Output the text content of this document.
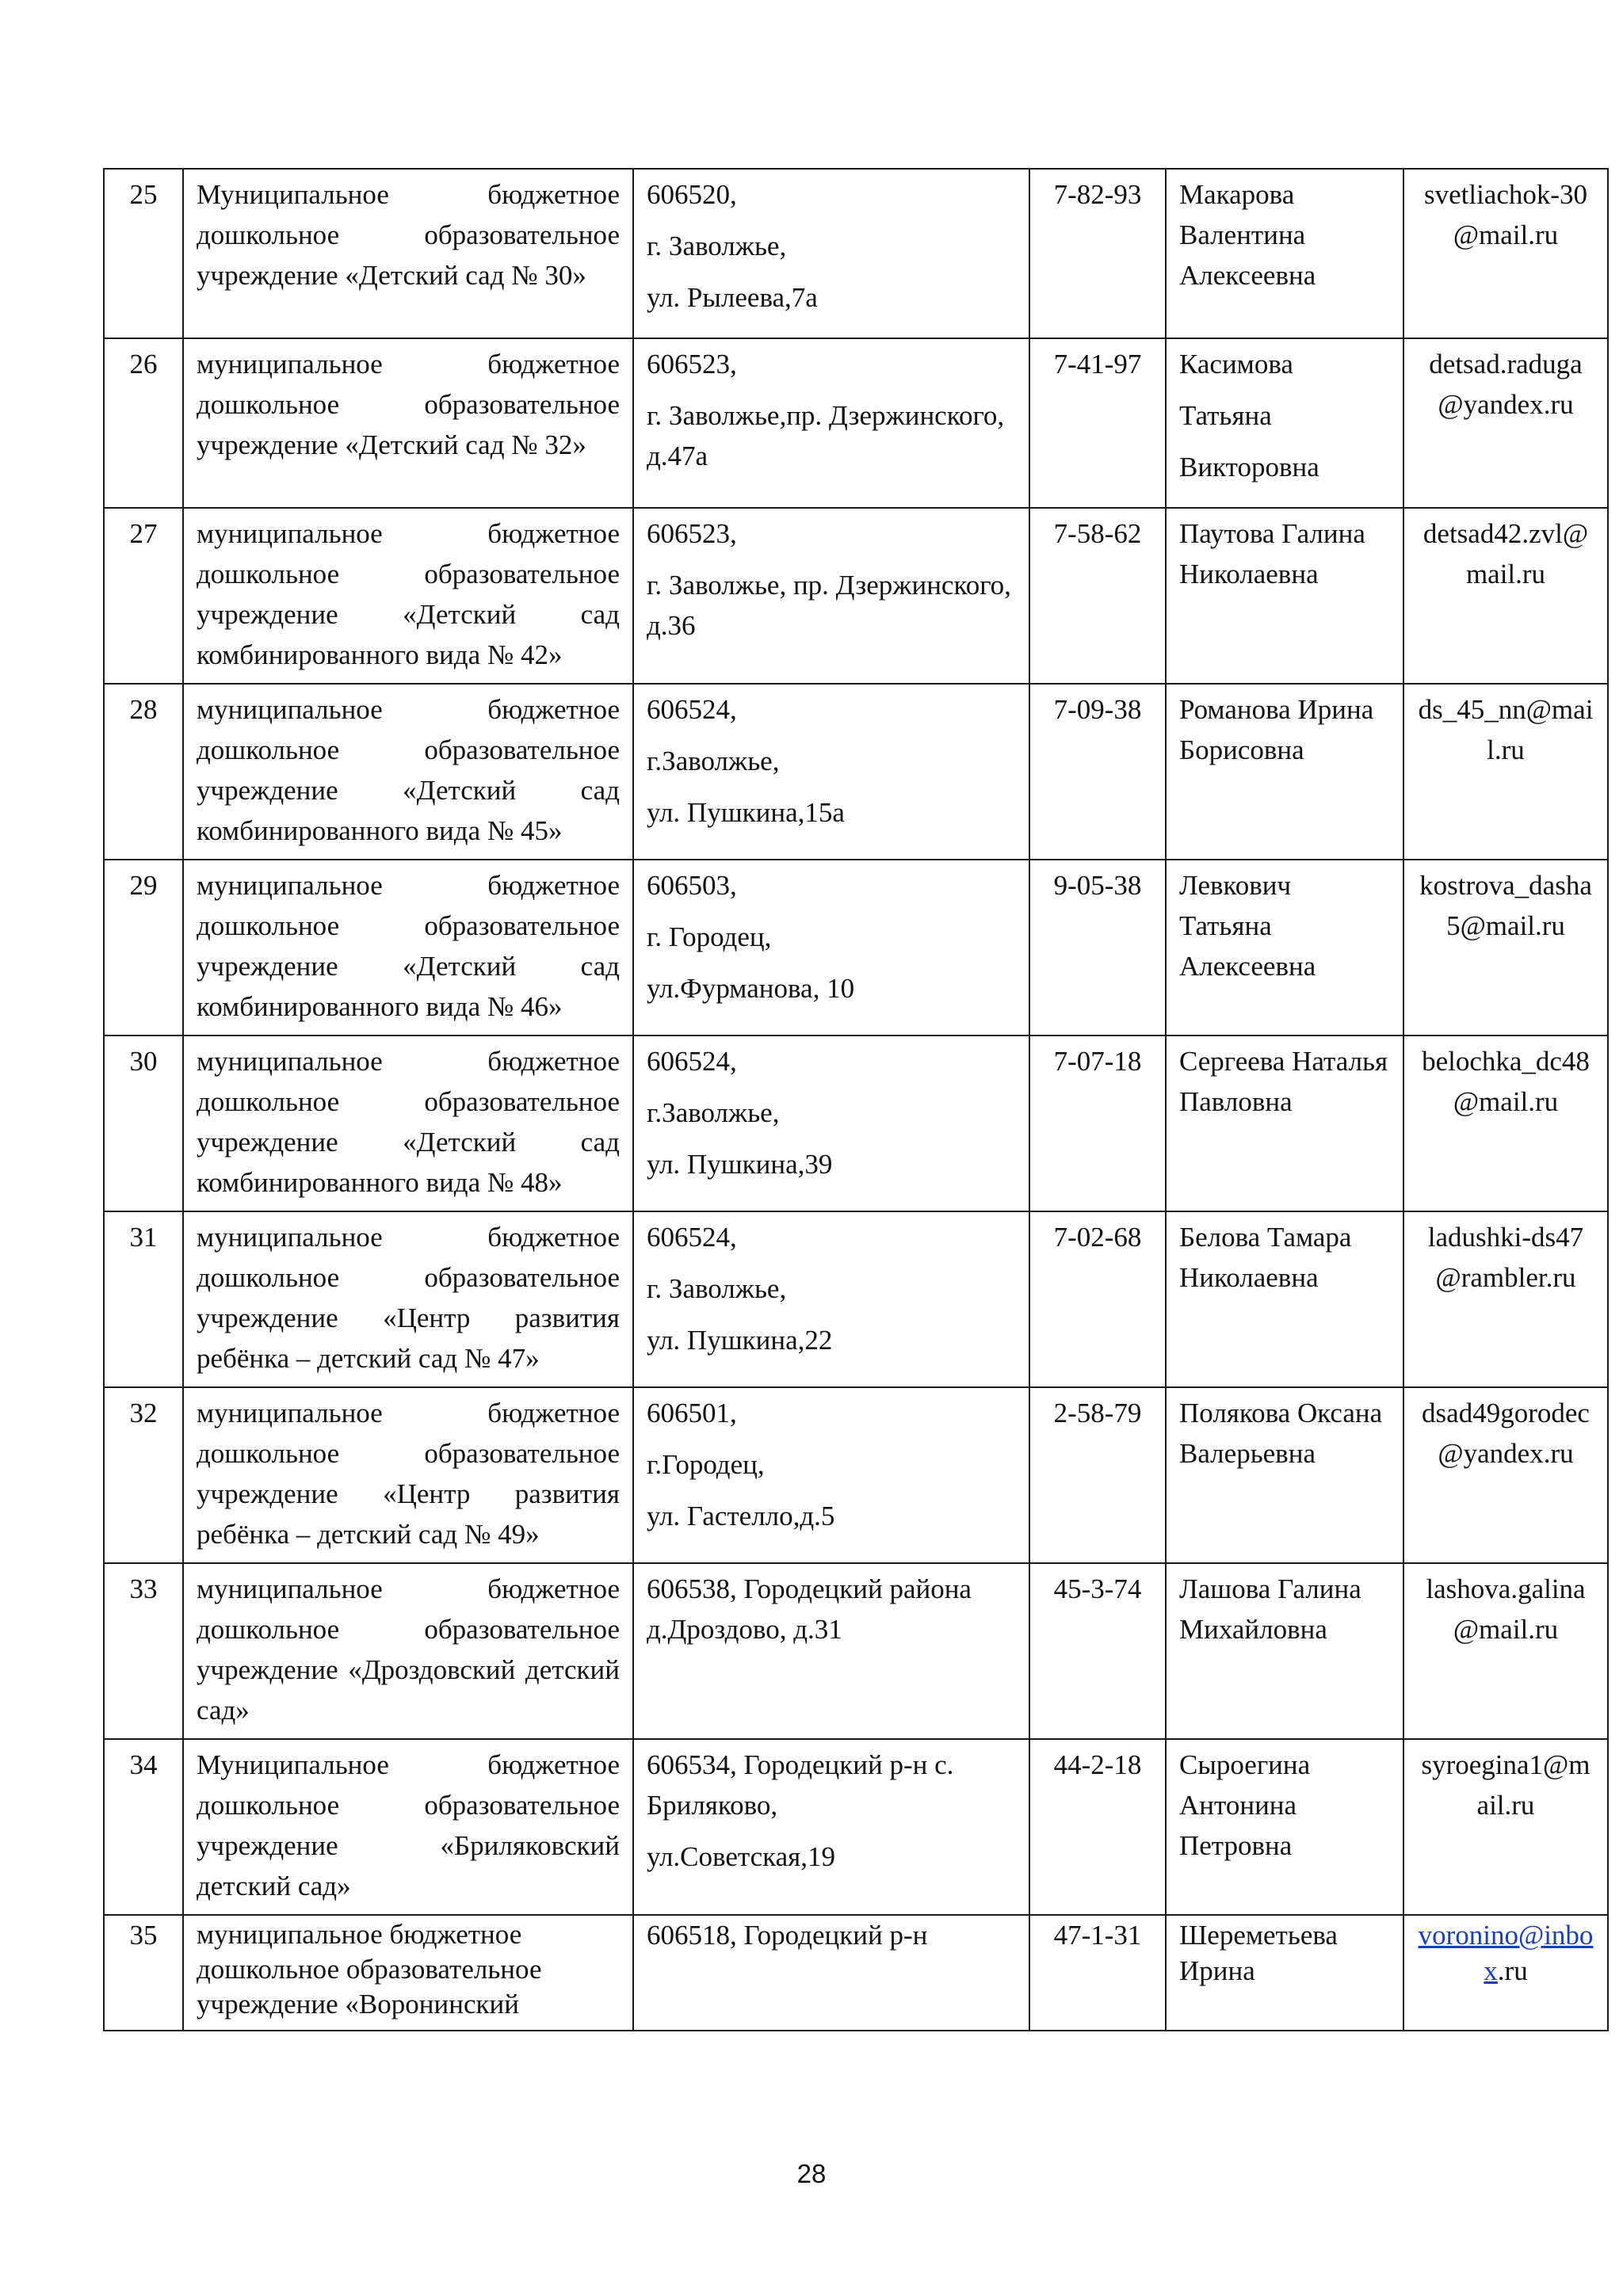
25	Муниципальное бюджетное дошкольное образовательное учреждение «Детский сад № 30»	606520,
г. Заволжье,
ул. Рылеева,7а	7-82-93	Макарова Валентина Алексеевна	svetliachok-30@mail.ru
26	муниципальное бюджетное дошкольное образовательное учреждение «Детский сад № 32»	606523,
г. Заволжье,пр. Дзержинского, д.47а	7-41-97	Касимова
Татьяна
Викторовна	detsad.raduga@yandex.ru
27	муниципальное бюджетное дошкольное образовательное учреждение «Детский сад комбинированного вида № 42»	606523,
г. Заволжье, пр. Дзержинского, д.36	7-58-62	Паутова Галина Николаевна	detsad42.zvl@mail.ru
28	муниципальное бюджетное дошкольное образовательное учреждение «Детский сад комбинированного вида № 45»	606524,
г.Заволжье,
ул. Пушкина,15а	7-09-38	Романова Ирина Борисовна	ds_45_nn@mail.ru
29	муниципальное бюджетное дошкольное образовательное учреждение «Детский сад комбинированного вида № 46»	606503,
г. Городец,
ул.Фурманова, 10	9-05-38	Левкович Татьяна Алексеевна	kostrova_dasha5@mail.ru
30	муниципальное бюджетное дошкольное образовательное учреждение «Детский сад комбинированного вида № 48»	606524,
г.Заволжье,
ул. Пушкина,39	7-07-18	Сергеева Наталья Павловна	belochka_dc48@mail.ru
31	муниципальное бюджетное дошкольное образовательное учреждение «Центр развития ребёнка – детский сад № 47»	606524,
г. Заволжье,
ул. Пушкина,22	7-02-68	Белова Тамара Николаевна	ladushki-ds47@rambler.ru
32	муниципальное бюджетное дошкольное образовательное учреждение «Центр развития ребёнка – детский сад № 49»	606501,
г.Городец,
ул. Гастелло,д.5	2-58-79	Полякова Оксана Валерьевна	dsad49gorodec@yandex.ru
33	муниципальное бюджетное дошкольное образовательное учреждение «Дроздовский детский сад»	606538, Городецкий района д.Дроздово, д.31	45-3-74	Лашова Галина Михайловна	lashova.galina@mail.ru
34	Муниципальное бюджетное дошкольное образовательное учреждение «Бриляковский детский сад»	606534, Городецкий р-н с. Бриляково,
ул.Советская,19	44-2-18	Сыроегина Антонина Петровна	syroegina1@mail.ru
35	муниципальное бюджетное дошкольное образовательное учреждение «Воронинский	606518, Городецкий р-н	47-1-31	Шереметьева Ирина	voronino@inbox.ru
28
